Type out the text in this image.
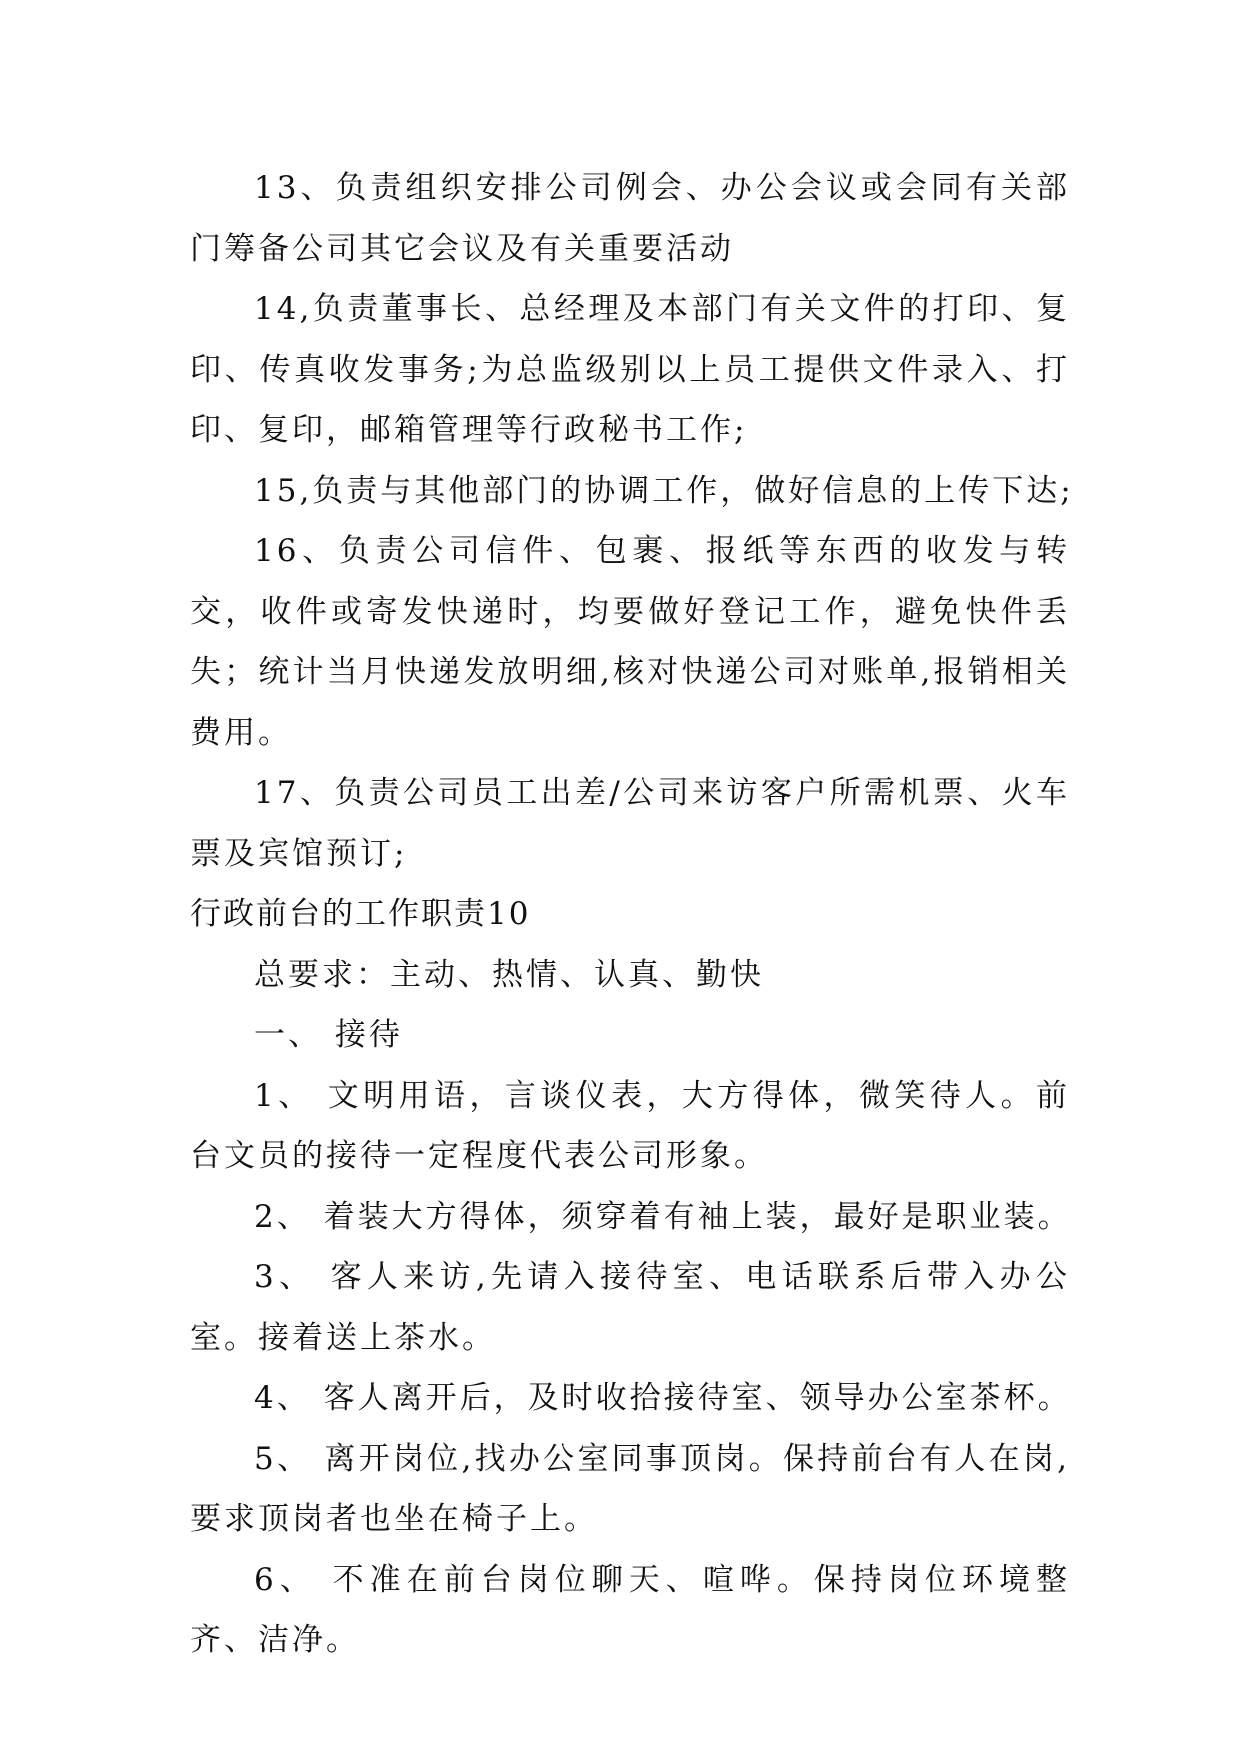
13、负责组织安排公司例会、办公会议或会同有关部门筹备公司其它会议及有关重要活动

14,负责董事长、总经理及本部门有关文件的打印、复印、传真收发事务;为总监级别以上员工提供文件录入、打印、复印，邮箱管理等行政秘书工作;

15,负责与其他部门的协调工作，做好信息的上传下达;

16、负责公司信件、包裹、报纸等东西的收发与转交，收件或寄发快递时，均要做好登记工作，避免快件丢失；统计当月快递发放明细,核对快递公司对账单,报销相关费用。

17、负责公司员工出差/公司来访客户所需机票、火车票及宾馆预订;

行政前台的工作职责10

总要求：主动、热情、认真、勤快

一、 接待

1、 文明用语，言谈仪表，大方得体，微笑待人。前台文员的接待一定程度代表公司形象。

2、 着装大方得体，须穿着有袖上装，最好是职业装。

3、 客人来访,先请入接待室、电话联系后带入办公室。接着送上茶水。

4、 客人离开后，及时收拾接待室、领导办公室茶杯。

5、 离开岗位,找办公室同事顶岗。保持前台有人在岗,要求顶岗者也坐在椅子上。

6、 不准在前台岗位聊天、喧哗。保持岗位环境整齐、洁净。
